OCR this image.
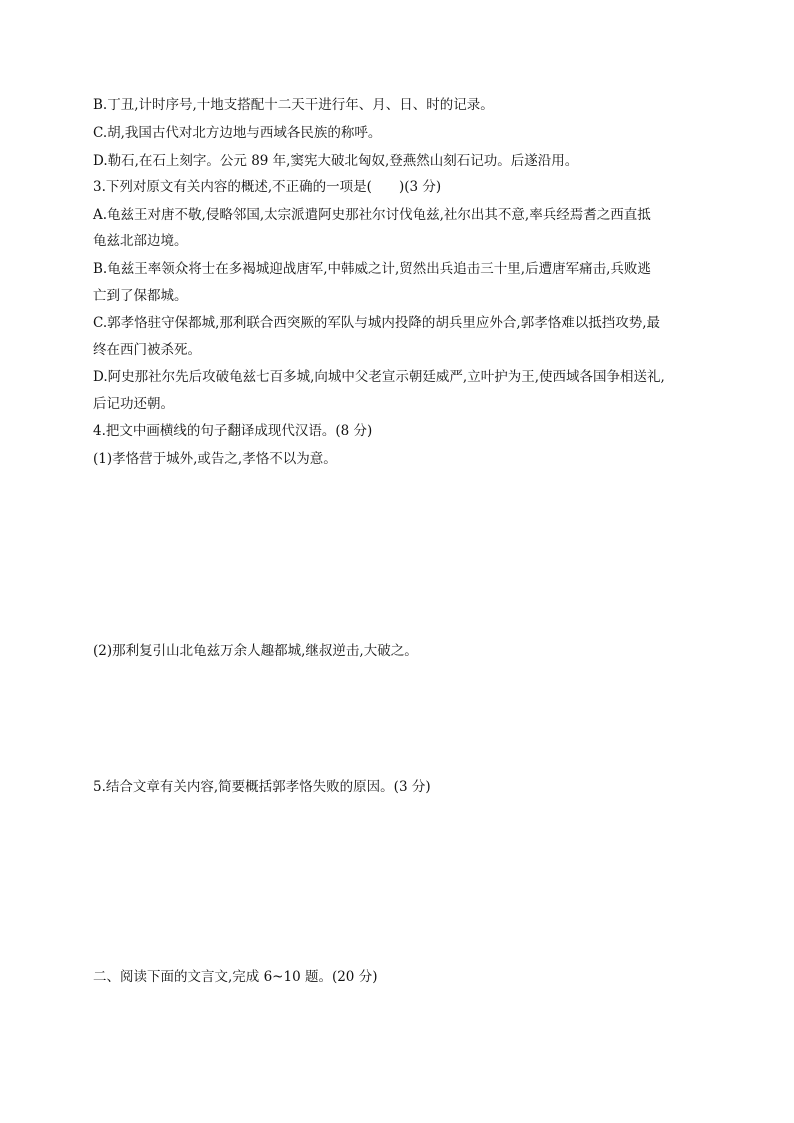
B.丁丑,计时序号,十地支搭配十二天干进行年、月、日、时的记录。
C.胡,我国古代对北方边地与西域各民族的称呼。
D.勒石,在石上刻字。公元 89 年,窦宪大破北匈奴,登燕然山刻石记功。后遂沿用。
3.下列对原文有关内容的概述,不正确的一项是(　　)(3 分)
A.龟兹王对唐不敬,侵略邻国,太宗派遣阿史那社尔讨伐龟兹,社尔出其不意,率兵经焉耆之西直抵
龟兹北部边境。
B.龟兹王率领众将士在多褐城迎战唐军,中韩威之计,贸然出兵追击三十里,后遭唐军痛击,兵败逃
亡到了保都城。
C.郭孝恪驻守保都城,那利联合西突厥的军队与城内投降的胡兵里应外合,郭孝恪难以抵挡攻势,最
终在西门被杀死。
D.阿史那社尔先后攻破龟兹七百多城,向城中父老宣示朝廷威严,立叶护为王,使西域各国争相送礼,
后记功还朝。
4.把文中画横线的句子翻译成现代汉语。(8 分)
(1)孝恪营于城外,或告之,孝恪不以为意。
(2)那利复引山北龟兹万余人趣都城,继叔逆击,大破之。
5.结合文章有关内容,简要概括郭孝恪失败的原因。(3 分)
二、阅读下面的文言文,完成 6~10 题。(20 分)
